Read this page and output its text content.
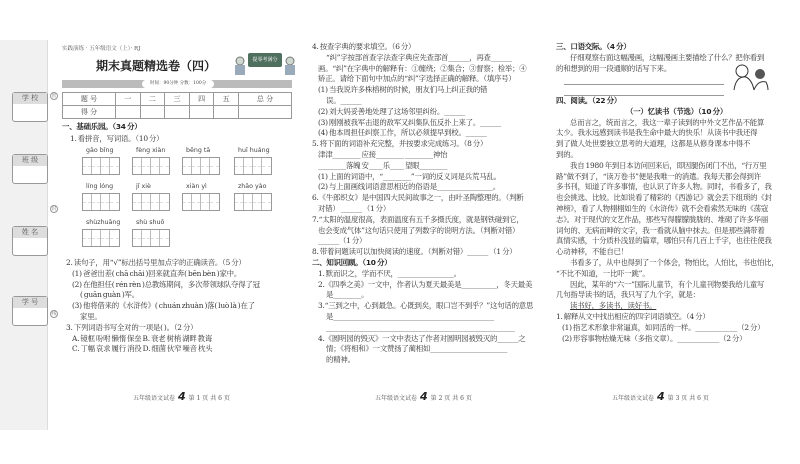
学 校
班 级
姓 名
学 号
密
封
线
实践演练 · 五年级语文（上）· RJ
期末真题精选卷（四）	提零考满分
时间：90分钟 分数：100分
题 号	一	二	三	四	五	总 分
得 分						
一、基础乐园。（34 分）
1. 看拼音，写词语。（10 分）
gāo bǐng	fèng xiàn	bēng tā	huī huáng
líng lóng	jǐ xiè	xiàn yì	zhāo yào
shùzhuāng shù shuō
2. 读句子，用“√”标出括号里加点字的正确读音。（5 分）
(1) 爸爸出差( chā chāi )回来就直奔( bēn bèn )家中。
(2) 在他担任( rén rèn )总教练期间，多次带领球队夺得了冠
( guān guàn )军。
(3) 他将借来的《水浒传》( chuán zhuàn )落( luò là )在了
家里。
3. 下列词语书写全对的一项是( )。（2 分）
A. 镜框 吩咐 懒惰 保垒 B. 衰老 树梢 湖畔 教诲
C. 丁幅 哀求 履行 消役 D. 细菌 伙窄 噪音 枕头
五年级语文试卷 4 第 1 页 共 6 页
4. 按查字典的要求填空。（6 分）
“纠”字按部首查字法查字典应先查部首______，再查______
画。“纠”在字典中的解释有：①缠绕；②集合；③督察；检举；④
矫正。请给下面句中加点的“纠”字选择正确的解释。（填序号）
(1) 当我说许多株榕树的时候，朋友们马上纠正我的错
误。______
(2) 刘大妈妥善地处理了这场邻里纠纷。______
(3) 刚刚被我军击退的敌军又纠集队伍反扑上来了。______
(4) 他本周担任纠察工作，所以必须提早到校。______
5. 将下面的词语补充完整，并按要求完成练习。（8 分）
津津________ 应接________ ________神怡
________落魄 安____乐____ 望眼________
(1) 上面的词语中，“________”一词的反义词是兵荒马乱。
(2) 与上面画线词语意思相近的俗语是________________。
6.《牛郎织女》是中国四大民间故事之一，由叶圣陶整理的。（判断
对错） ______ （1 分）
7.“太阳的温度很高，表面温度有五千多摄氏度，就是钢铁碰到它，
也会变成气体”这句话只使用了列数字的说明方法。（判断对错）
______（1 分）
8. 带着问题读可以加快阅读的速度。（判断对错）______ （1 分）
二、知识回顾。（10 分）
1. 默而识之，学而不厌，________________。
2.《四季之美》一文中，作者认为夏天最美是__________，冬天最美
是________。
3.“三到之中，心到最急。心既到矣，眼口岂不到乎？”这句话的意思
是______________________________________________
______________________________________________________
4.《圆明园的毁灭》一文中表达了作者对圆明园被毁灭的______之
情；《将相和》一文赞扬了蔺相如______________________
的精神。
五年级语文试卷 4 第 2 页 共 6 页
三、口语交际。（4 分）
仔细观察右面这幅漫画，这幅漫画主要描绘了什么？把你看到
的和想到的用一段通顺的话写下来。
四、阅读。（22 分）
（一）忆读书（节选）（10 分）
总而言之，统而言之，我这一辈子读到的中外文艺作品不能算
太少。我永远感到读书是我生命中最大的快乐！从读书中我还得
到了做人处世要独立思考的大道理，这都是从修身课本中得不
到的。
我自 1980 年到日本访问回来后，即因腿伤闭门不出，“行万里
路”做不到了，“读万卷书”便是我唯一的消遣。我每天都会得到许
多书刊，知道了许多事情，也认识了许多人物。同时，书看多了，我
也会挑选、比较。比如说看了精彩的《西游记》就会丢下组琐的《封
神榜》，看了人物栩栩如生的《水浒传》就不会看索然无味的《荡寇
志》。对于现代的文艺作品，那些写得朦朦胧胧的、堆砌了许多华丽
词句的、无病而呻的文字，我一看就从脑中抹去。但是那些满带着
真情实感，十分质朴浅显的篇章，哪怕只有几百上千字，也往往使我
心动神移，不能自已！
书看多了，从中也得到了一个体会，物怕比，人怕比，书也怕比，
“不比不知道，一比吓一跳”。
因此，某年的“六一”国际儿童节，有个儿童刊物要我给儿童写
几句指导读书的话，我只写了九个字，就是：
读书好，多读书，读好书。
1. 解释从文中找出相应的四字词语填空。（4 分）
(1) 指艺术形象非常逼真，如同活的一样。____________（2 分）
(2) 形容事物枯燥无味（多指文章）。____________（2 分）
五年级语文试卷 4 第 3 页 共 6 页
